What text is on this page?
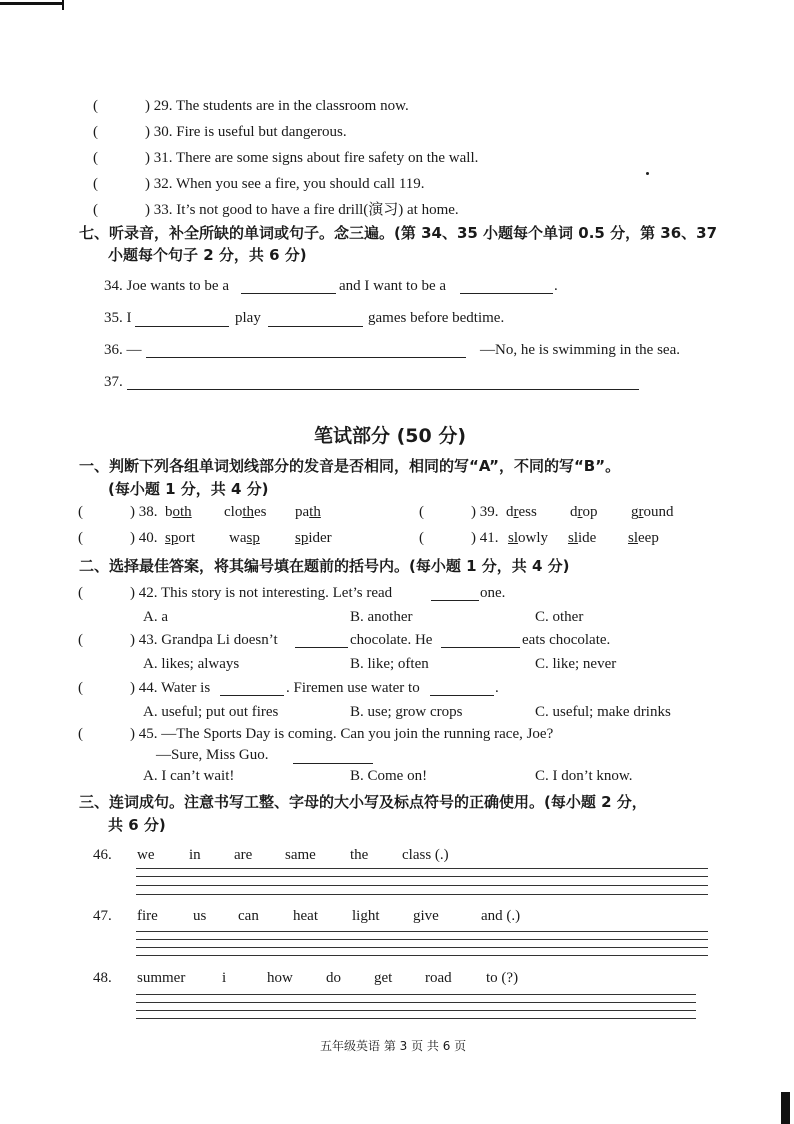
(	) 29. The students are in the classroom now.
(	) 30. Fire is useful but dangerous.
(	) 31. There are some signs about fire safety on the wall.
(	) 32. When you see a fire, you should call 119.
(	) 33. It’s not good to have a fire drill(演习) at home.
七、听录音，补全所缺的单词或句子。念三遍。(第 34、35 小题每个单词 0.5 分，第 36、37
小题每个句子 2 分，共 6 分)
34. Joe wants to be a	and I want to be a	.
35. I	play	games before bedtime.
36. —	—No, he is swimming in the sea.
37.
笔试部分 (50 分)
一、判断下列各组单词划线部分的发音是否相同，相同的写“A”，不同的写“B”。
(每小题 1 分，共 4 分)
(	) 38. both clothes path	(	) 39. dress drop ground
(	) 40. sport wasp spider	(	) 41. slowly slide sleep
二、选择最佳答案，将其编号填在题前的括号内。(每小题 1 分，共 4 分)
(	) 42. This story is not interesting. Let’s read	one.
A. a	B. another	C. other
(	) 43. Grandpa Li doesn’t	chocolate. He	eats chocolate.
A. likes; always	B. like; often	C. like; never
(	) 44. Water is	. Firemen use water to	.
A. useful; put out fires	B. use; grow crops	C. useful; make drinks
(	) 45. —The Sports Day is coming. Can you join the running race, Joe?
—Sure, Miss Guo.
A. I can’t wait!	B. Come on!	C. I don’t know.
三、连词成句。注意书写工整、字母的大小写及标点符号的正确使用。(每小题 2 分，
共 6 分)
46. we in are same the class (.)
47. fire us can heat light give	and (.)
48. summer i	how do get road to (?)
五年级英语 第 3 页 共 6 页
